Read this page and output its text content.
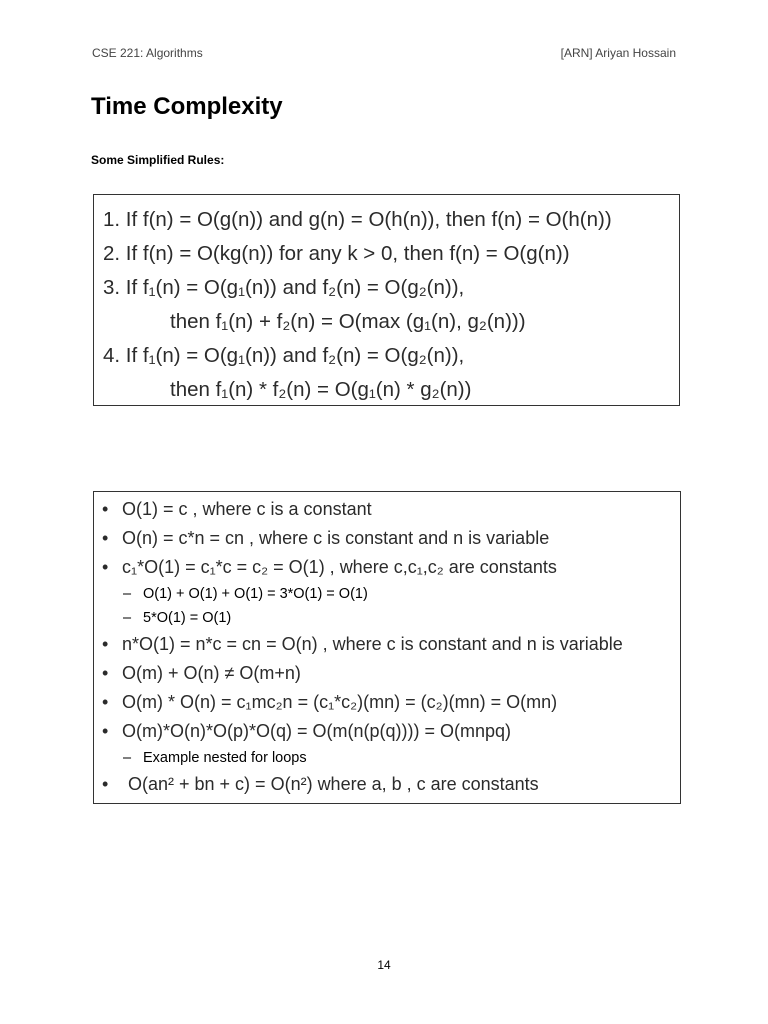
CSE 221: Algorithms	[ARN] Ariyan Hossain
Time Complexity
Some Simplified Rules:
1. If f(n) = O(g(n)) and g(n) = O(h(n)), then f(n) = O(h(n))
2. If f(n) = O(kg(n)) for any k > 0, then f(n) = O(g(n))
3. If f₁(n) = O(g₁(n)) and f₂(n) = O(g₂(n)),
then f₁(n) + f₂(n) = O(max (g₁(n), g₂(n)))
4. If f₁(n) = O(g₁(n)) and f₂(n) = O(g₂(n)),
then f₁(n) * f₂(n) = O(g₁(n) * g₂(n))
• O(1) = c , where c is a constant
• O(n) = c*n = cn , where c is constant and n is variable
• c₁*O(1) = c₁*c = c₂ = O(1) , where c,c₁,c₂ are constants
– O(1) + O(1) + O(1) = 3*O(1) = O(1)
– 5*O(1) = O(1)
• n*O(1) = n*c = cn = O(n) , where c is constant and n is variable
• O(m) + O(n) ≠ O(m+n)
• O(m) * O(n) = c₁mc₂n = (c₁*c₂)(mn) = (c₂)(mn) = O(mn)
• O(m)*O(n)*O(p)*O(q) = O(m(n(p(q)))) = O(mnpq)
– Example nested for loops
• O(an² + bn + c) = O(n²) where a, b , c are constants
14
